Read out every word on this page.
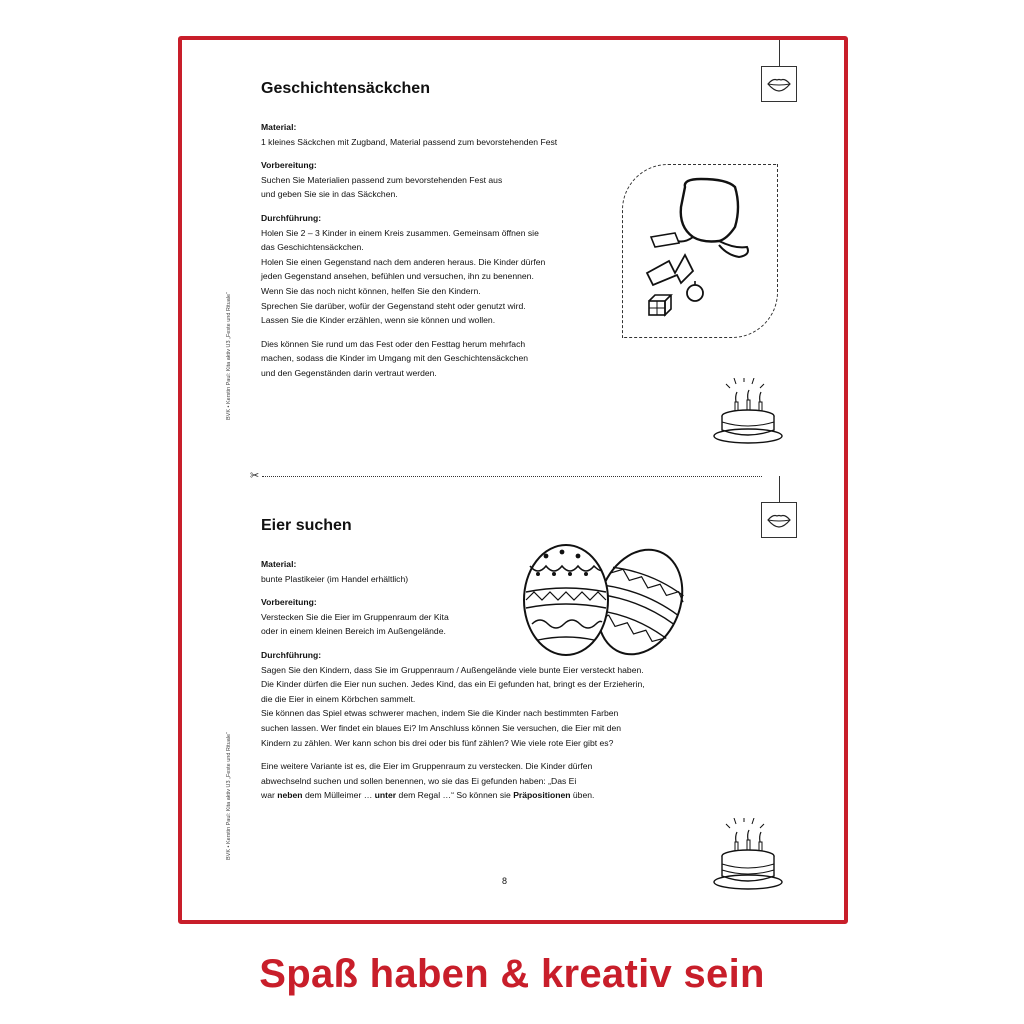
BVK • Kerstin Paul: Kita aktiv U3 „Feste und Rituale“
BVK • Kerstin Paul: Kita aktiv U3 „Feste und Rituale“
Geschichtensäckchen
Material:
1 kleines Säckchen mit Zugband, Material passend zum bevorstehenden Fest
Vorbereitung:
Suchen Sie Materialien passend zum bevorstehenden Fest aus
und geben Sie sie in das Säckchen.
Durchführung:
Holen Sie 2 – 3 Kinder in einem Kreis zusammen. Gemeinsam öffnen sie
das Geschichtensäckchen.
Holen Sie einen Gegenstand nach dem anderen heraus. Die Kinder dürfen
jeden Gegenstand ansehen, befühlen und versuchen, ihn zu benennen.
Wenn Sie das noch nicht können, helfen Sie den Kindern.
Sprechen Sie darüber, wofür der Gegenstand steht oder genutzt wird.
Lassen Sie die Kinder erzählen, wenn sie können und wollen.
Dies können Sie rund um das Fest oder den Festtag herum mehrfach
machen, sodass die Kinder im Umgang mit den Geschichtensäckchen
und den Gegenständen darin vertraut werden.
✂
Eier suchen
Material:
bunte Plastikeier (im Handel erhältlich)
Vorbereitung:
Verstecken Sie die Eier im Gruppenraum der Kita
oder in einem kleinen Bereich im Außengelände.
Durchführung:
Sagen Sie den Kindern, dass Sie im Gruppenraum / Außengelände viele bunte Eier versteckt haben.
Die Kinder dürfen die Eier nun suchen. Jedes Kind, das ein Ei gefunden hat, bringt es der Erzieherin,
die die Eier in einem Körbchen sammelt.
Sie können das Spiel etwas schwerer machen, indem Sie die Kinder nach bestimmten Farben
suchen lassen. Wer findet ein blaues Ei? Im Anschluss können Sie versuchen, die Eier mit den
Kindern zu zählen. Wer kann schon bis drei oder bis fünf zählen? Wie viele rote Eier gibt es?
Eine weitere Variante ist es, die Eier im Gruppenraum zu verstecken. Die Kinder dürfen
abwechselnd suchen und sollen benennen, wo sie das Ei gefunden haben: „Das Ei
war neben dem Mülleimer … unter dem Regal …“ So können sie Präpositionen üben.
8
Spaß haben & kreativ sein
